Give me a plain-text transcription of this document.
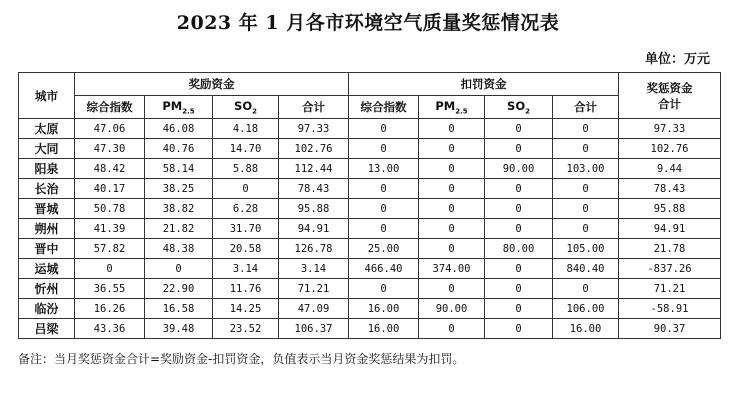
2023 年 1 月各市环境空气质量奖惩情况表
单位：万元
城市	奖励资金				扣罚资金				奖惩资金
合计

	综合指数	$PM_{2.5}$	$SO_2$	合计	综合指数	$PM_{2.5}$	$SO_2$	合计	
太原	47.06	46.08	4.18	97.33	0	0	0	0	97.33
大同	47.30	40.76	14.70	102.76	0	0	0	0	102.76
阳泉	48.42	58.14	5.88	112.44	13.00	0	90.00	103.00	9.44
长治	40.17	38.25	0	78.43	0	0	0	0	78.43
晋城	50.78	38.82	6.28	95.88	0	0	0	0	95.88
朔州	41.39	21.82	31.70	94.91	0	0	0	0	94.91
晋中	57.82	48.38	20.58	126.78	25.00	0	80.00	105.00	21.78
运城	0	0	3.14	3.14	466.40	374.00	0	840.40	-837.26
忻州	36.55	22.90	11.76	71.21	0	0	0	0	71.21
临汾	16.26	16.58	14.25	47.09	16.00	90.00	0	106.00	-58.91
吕梁	43.36	39.48	23.52	106.37	16.00	0	0	16.00	90.37
备注：当月奖惩资金合计=奖励资金-扣罚资金，负值表示当月资金奖惩结果为扣罚。
